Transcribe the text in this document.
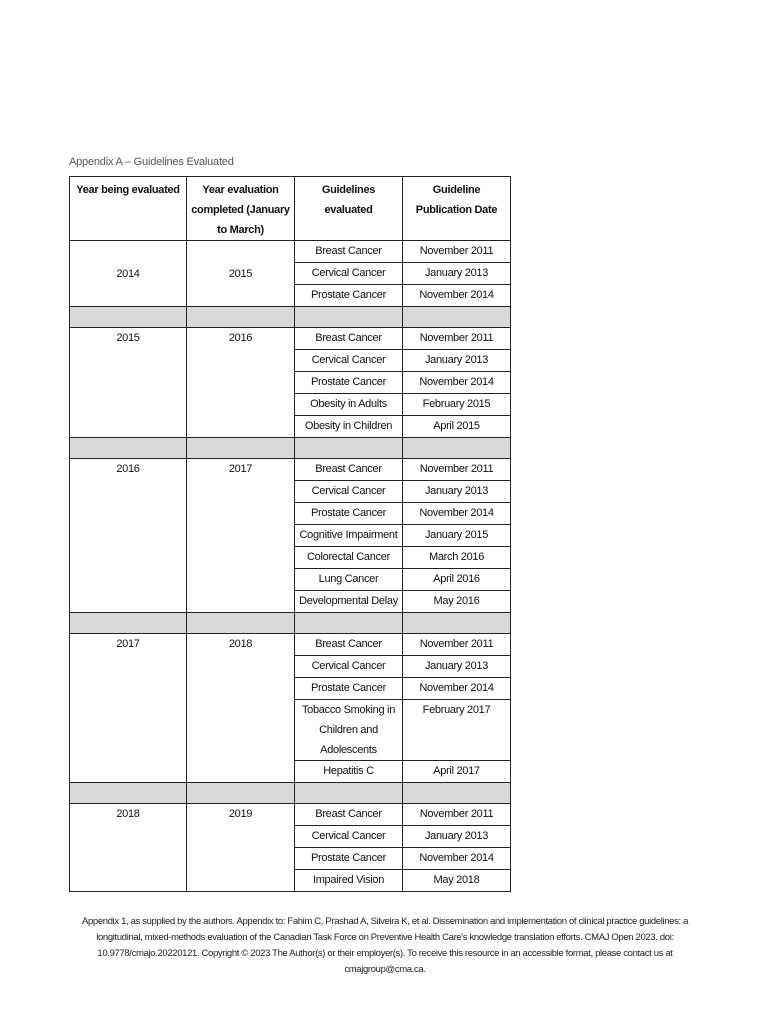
Appendix A – Guidelines Evaluated
Year being evaluated	Year evaluation completed (January to March)	Guidelines evaluated	Guideline Publication Date
2014	2015	Breast Cancer	November 2011
		Cervical Cancer	January 2013
		Prostate Cancer	November 2014

2015	2016	Breast Cancer	November 2011
		Cervical Cancer	January 2013
		Prostate Cancer	November 2014
		Obesity in Adults	February 2015
		Obesity in Children	April 2015

2016	2017	Breast Cancer	November 2011
		Cervical Cancer	January 2013
		Prostate Cancer	November 2014
		Cognitive Impairment	January 2015
		Colorectal Cancer	March 2016
		Lung Cancer	April 2016
		Developmental Delay	May 2016

2017	2018	Breast Cancer	November 2011
		Cervical Cancer	January 2013
		Prostate Cancer	November 2014
		Tobacco Smoking in Children and Adolescents	February 2017
		Hepatitis C	April 2017

2018	2019	Breast Cancer	November 2011
		Cervical Cancer	January 2013
		Prostate Cancer	November 2014
		Impaired Vision	May 2018
Appendix 1, as supplied by the authors. Appendix to: Fahim C, Prashad A, Silveira K, et al. Dissemination and implementation of clinical practice guidelines: a longitudinal, mixed-methods evaluation of the Canadian Task Force on Preventive Health Care's knowledge translation efforts. CMAJ Open 2023. doi: 10.9778/cmajo.20220121. Copyright © 2023 The Author(s) or their employer(s). To receive this resource in an accessible format, please contact us at cmajgroup@cma.ca.
